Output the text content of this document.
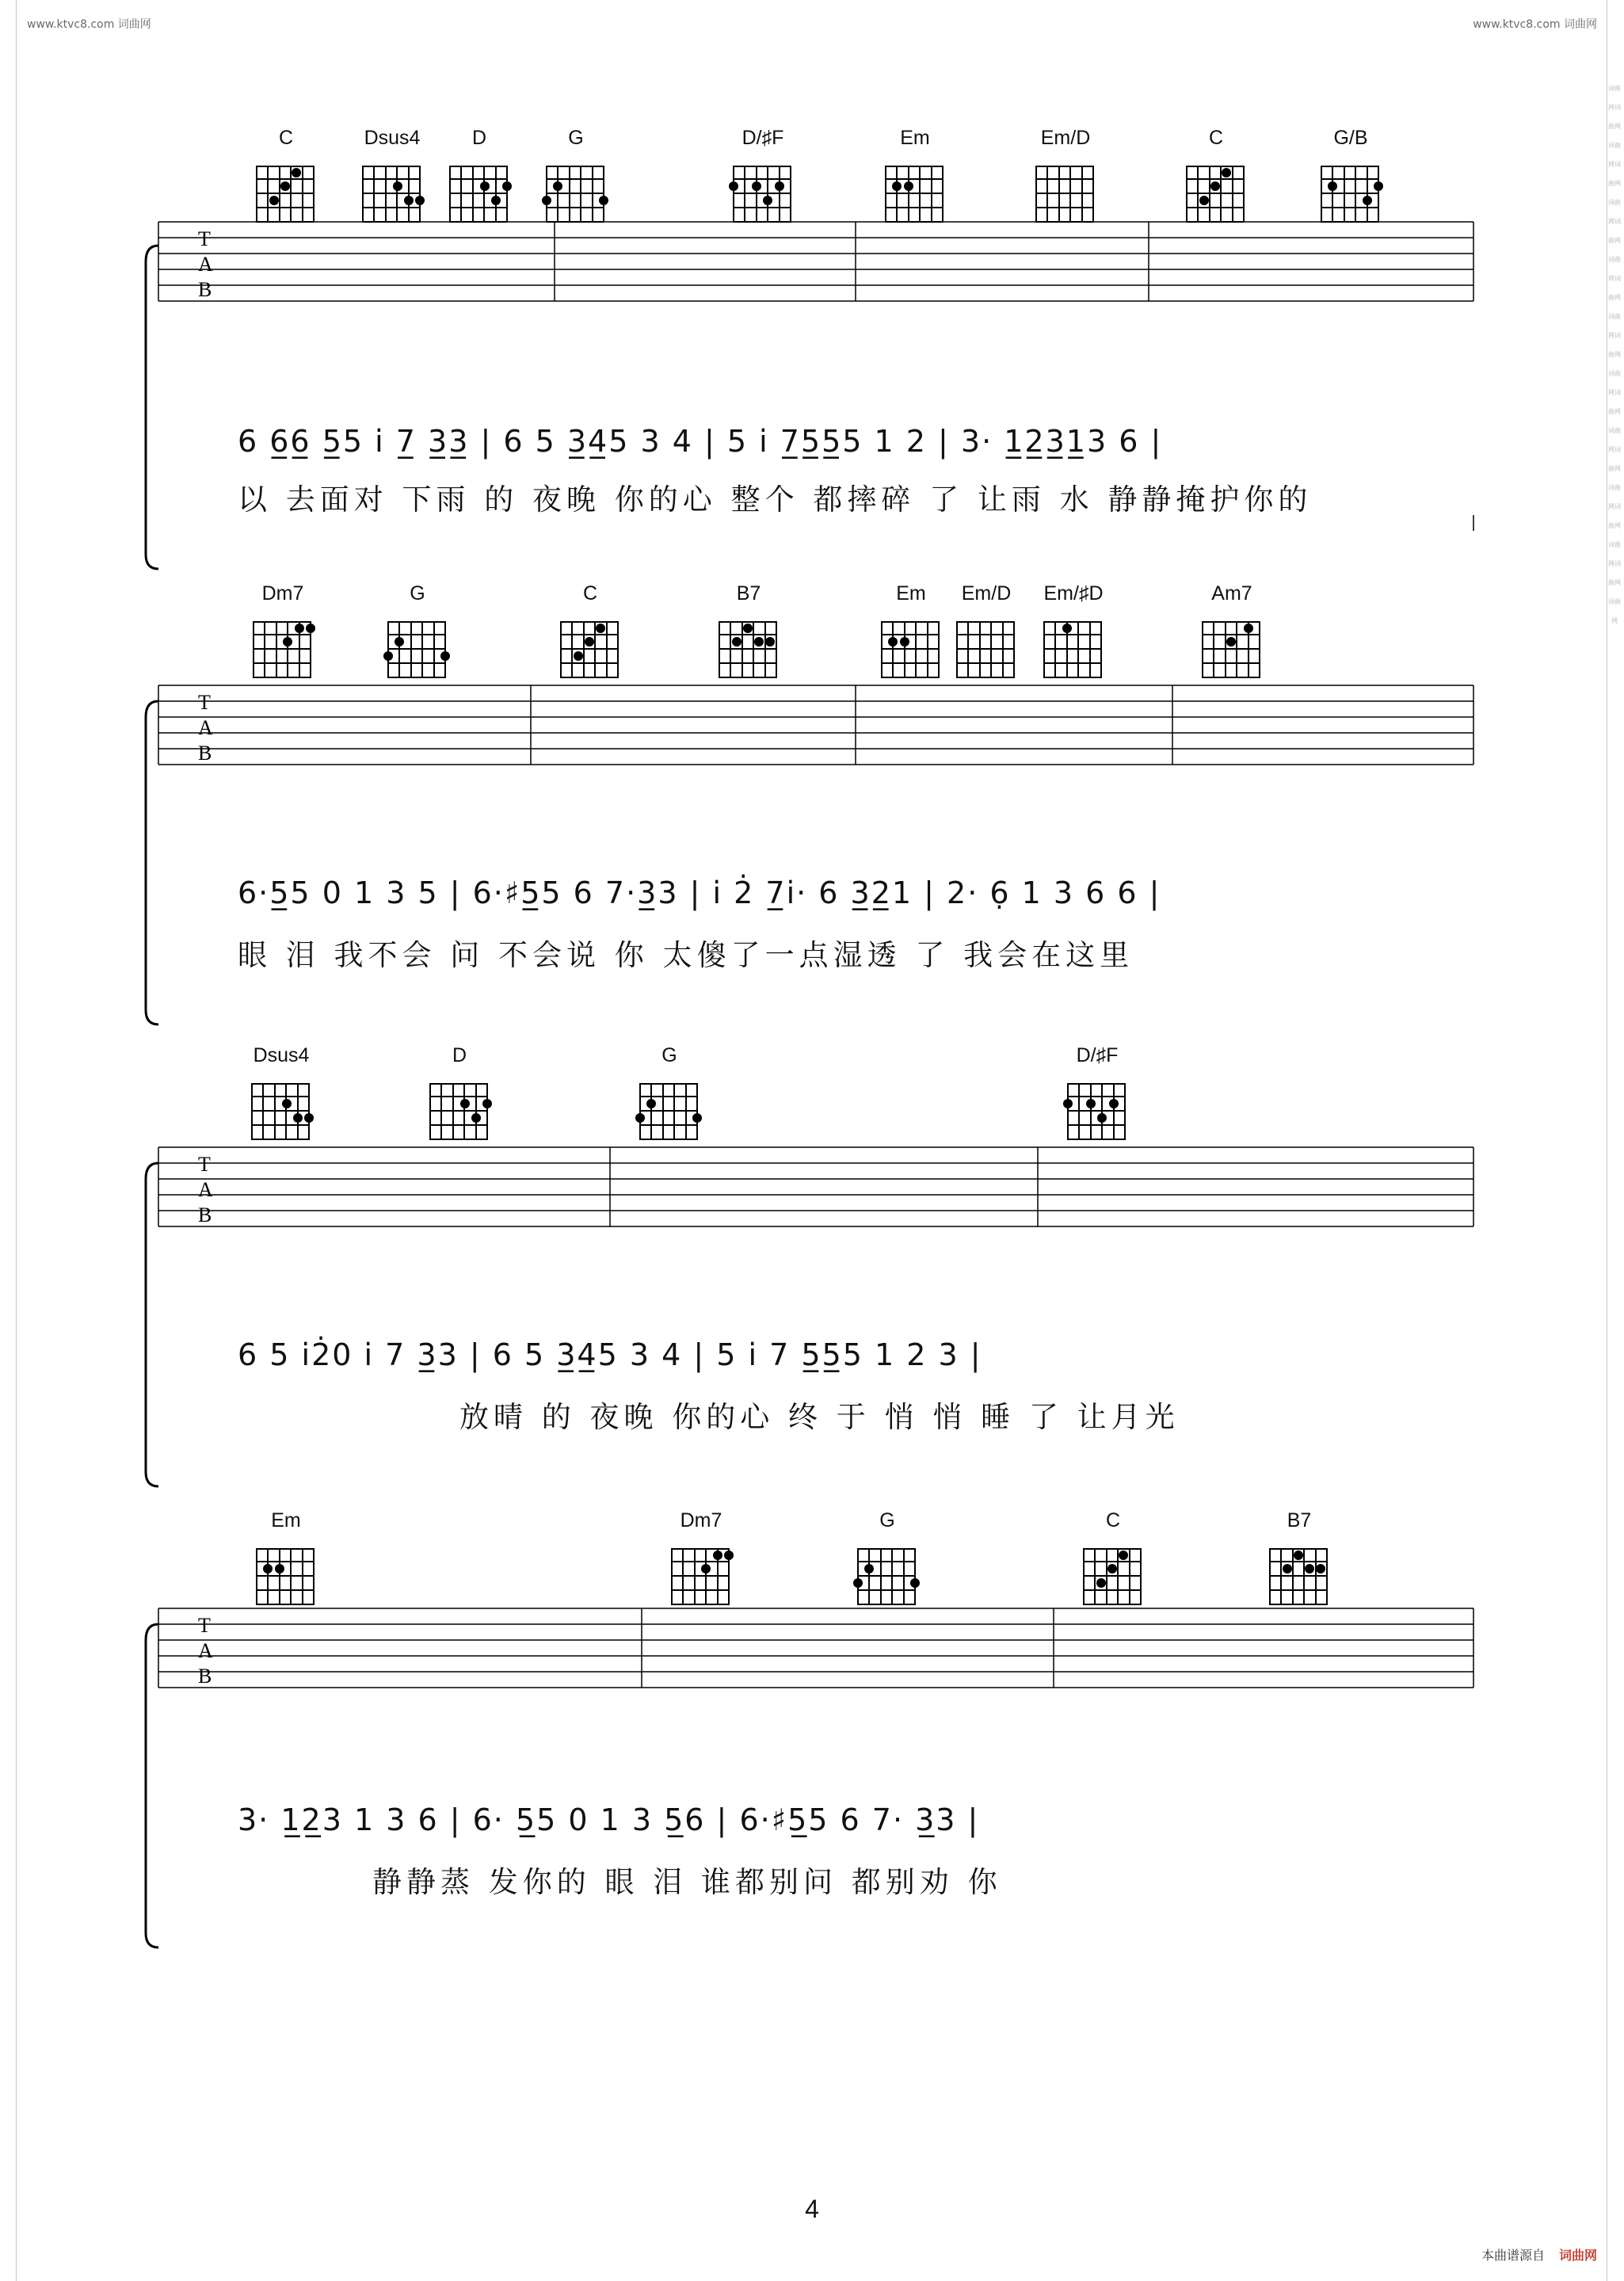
www.ktvc8.com 词曲网	www.ktvc8.com 词曲网
词曲网词曲网词曲网词曲网词曲网词曲网词曲网词曲网词曲网词曲网词曲网词曲网词曲网词曲网词曲网词曲网词曲网词曲网词曲网
C	Dsus4	D	G	D/♯F	Em	Em/D	C	G/B
T
A
B
6 6̲6̲ 5̲5 i̇ 7̲ 3̲3̲ | 6 5 3̲4̲5 3 4 | 5 i̇ 7̲5̲5̲5 1 2 | 3· 1̲2̲3̲1̲3 6 |
以 去面对 下雨 的 夜晚 你的心 整个 都摔碎 了 让雨 水 静静掩护你的
Dm7	G	C	B7	Em	Em/D	Em/♯D	Am7
T
A
B
6·5̲5 0 1 3 5 | 6·♯5̲5 6 7·3̲3 | i̇ 2̇ 7̲i̇· 6 3̲2̲1 | 2· 6̣ 1 3 6 6 |
眼 泪 我不会 问 不会说 你 太傻了一点湿透 了 我会在这里
Dsus4	D	G	D/♯F
T
A
B
6 5 i̇2̇0 i̇ 7 3̲3 | 6 5 3̲4̲5 3 4 | 5 i̇ 7 5̲5̲5 1 2 3 |
放晴 的 夜晚 你的心 终 于 悄 悄 睡 了 让月光
Em	Dm7	G	C	B7
T
A
B
3· 1̲2̲3 1 3 6 | 6· 5̲5 0 1 3 5̲6 | 6·♯5̲5 6 7· 3̲3 |
静静蒸 发你的 眼 泪 谁都别问 都别劝 你
4
本曲谱源自 词曲网
